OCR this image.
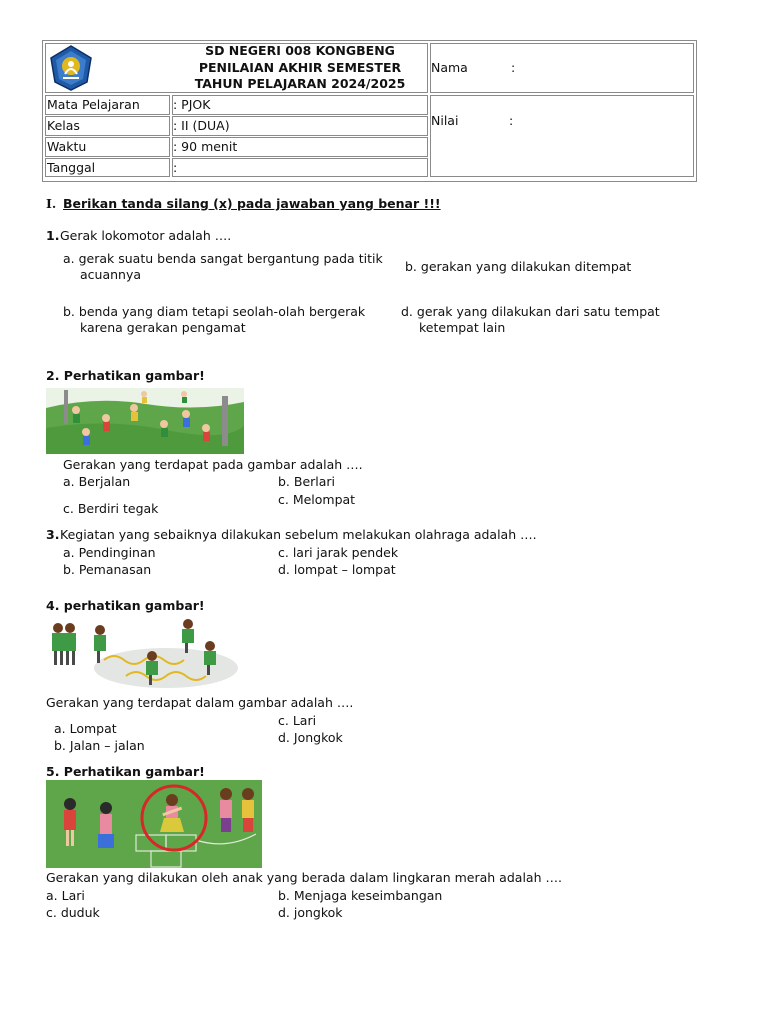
SD NEGERI 008 KONGBENG
PENILAIAN AKHIR SEMESTER
TAHUN PELAJARAN 2024/2025
Mata Pelajaran	: PJOK
Kelas	: II (DUA)
Waktu	: 90 menit
Tanggal	:
Nama	:
Nilai	:
I. Berikan tanda silang (x) pada jawaban yang benar !!!
1. Gerak lokomotor adalah ….
a. gerak suatu benda sangat bergantung pada titik
acuannya
b. gerakan yang dilakukan ditempat
b. benda yang diam tetapi seolah-olah bergerak
karena gerakan pengamat
d. gerak yang dilakukan dari satu tempat
ketempat lain
2. Perhatikan gambar!
Gerakan yang terdapat pada gambar adalah ….
a. Berjalan	b. Berlari
c. Berdiri tegak
c. Melompat
3. Kegiatan yang sebaiknya dilakukan sebelum melakukan olahraga adalah ….
a. Pendinginan	c. lari jarak pendek
b. Pemanasan	d. lompat – lompat
4. perhatikan gambar!
Gerakan yang terdapat dalam gambar adalah ….
c. Lari
a. Lompat
d. Jongkok
b. Jalan – jalan
5. Perhatikan gambar!
Gerakan yang dilakukan oleh anak yang berada dalam lingkaran merah adalah ….
a. Lari	b. Menjaga keseimbangan
c. duduk	d. jongkok
